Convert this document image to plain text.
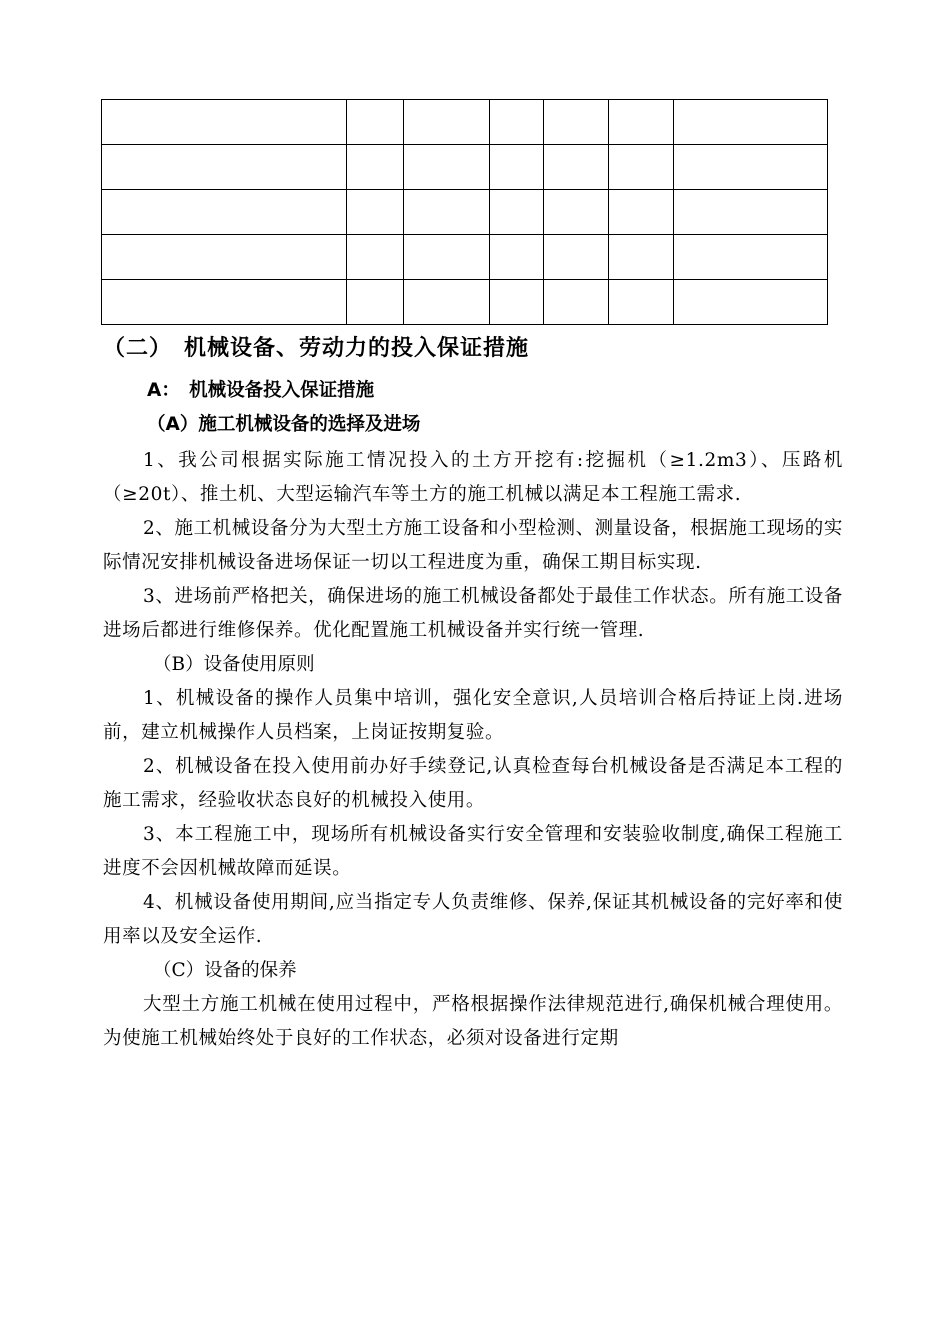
（二）　机械设备、劳动力的投入保证措施
A：　机械设备投入保证措施
（A）施工机械设备的选择及进场

1、我公司根据实际施工情况投入的土方开挖有:挖掘机（≥1.2m3）、压路机（≥20t）、推土机、大型运输汽车等土方的施工机械以满足本工程施工需求.

2、施工机械设备分为大型土方施工设备和小型检测、测量设备，根据施工现场的实际情况安排机械设备进场保证一切以工程进度为重，确保工期目标实现.

3、进场前严格把关，确保进场的施工机械设备都处于最佳工作状态。所有施工设备进场后都进行维修保养。优化配置施工机械设备并实行统一管理.

（B）设备使用原则

1、机械设备的操作人员集中培训，强化安全意识,人员培训合格后持证上岗.进场前，建立机械操作人员档案，上岗证按期复验。

2、机械设备在投入使用前办好手续登记,认真检查每台机械设备是否满足本工程的施工需求，经验收状态良好的机械投入使用。

3、本工程施工中，现场所有机械设备实行安全管理和安装验收制度,确保工程施工进度不会因机械故障而延误。

4、机械设备使用期间,应当指定专人负责维修、保养,保证其机械设备的完好率和使用率以及安全运作.

（C）设备的保养

大型土方施工机械在使用过程中，严格根据操作法律规范进行,确保机械合理使用。为使施工机械始终处于良好的工作状态，必须对设备进行定期
